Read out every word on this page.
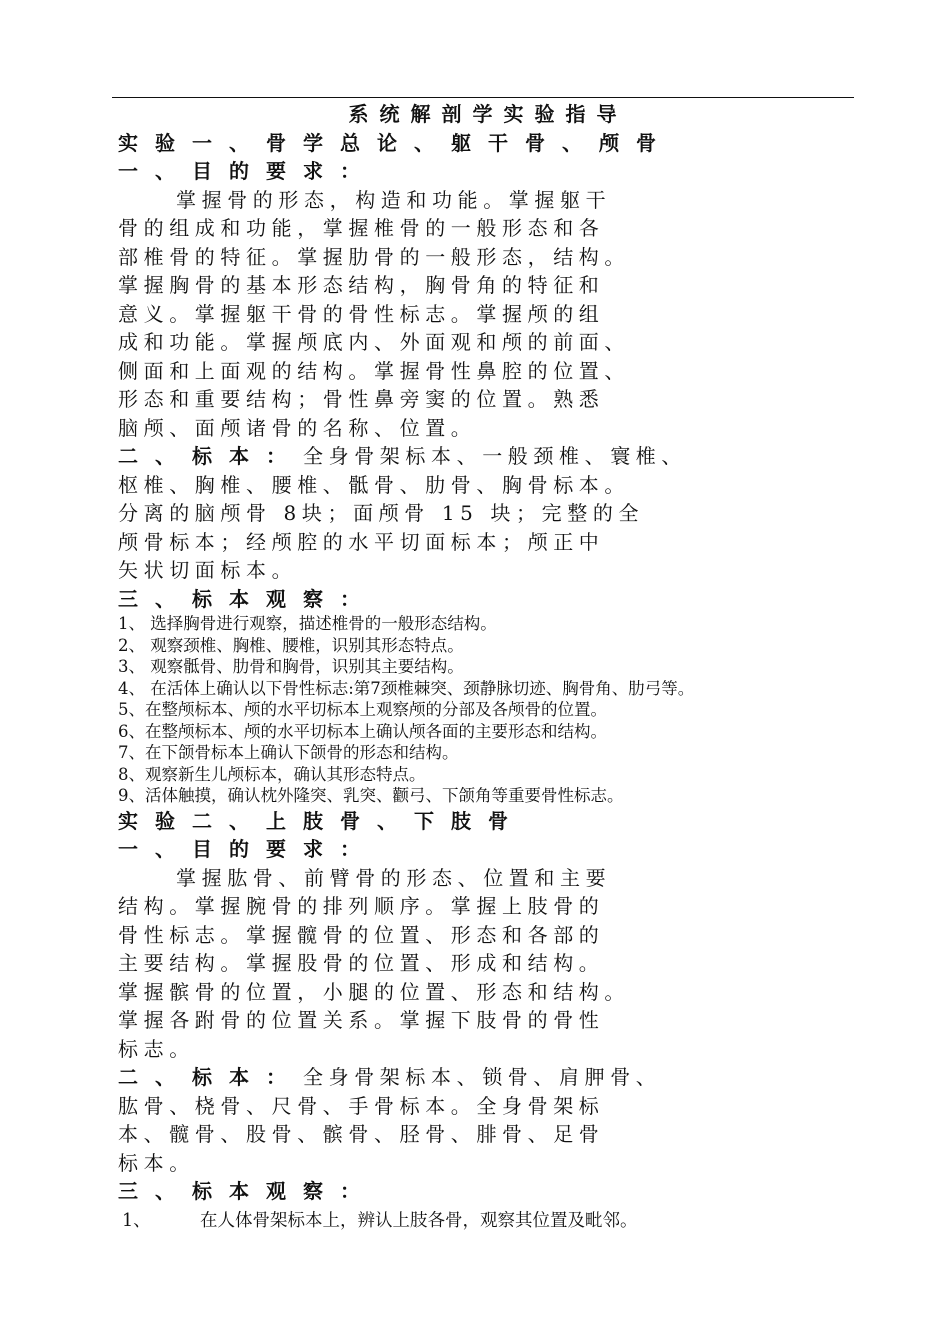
系统解剖学实验指导
实验一、骨学总论、躯干骨、颅骨
一、目的要求：
掌握骨的形态，构造和功能。掌握躯干
骨的组成和功能，掌握椎骨的一般形态和各
部椎骨的特征。掌握肋骨的一般形态，结构。
掌握胸骨的基本形态结构，胸骨角的特征和
意义。掌握躯干骨的骨性标志。掌握颅的组
成和功能。掌握颅底内、外面观和颅的前面、
侧面和上面观的结构。掌握骨性鼻腔的位置、
形态和重要结构；骨性鼻旁窦的位置。熟悉
脑颅、面颅诸骨的名称、位置。
二、标本：全身骨架标本、一般颈椎、寰椎、
枢椎、胸椎、腰椎、骶骨、肋骨、胸骨标本。
分离的脑颅骨 8块；面颅骨 15 块；完整的全
颅骨标本；经颅腔的水平切面标本；颅正中
矢状切面标本。
三、标本观察：
1、 选择胸骨进行观察，描述椎骨的一般形态结构。
2、 观察颈椎、胸椎、腰椎，识别其形态特点。
3、 观察骶骨、肋骨和胸骨，识别其主要结构。
4、 在活体上确认以下骨性标志:第7颈椎棘突、颈静脉切迹、胸骨角、肋弓等。
5、在整颅标本、颅的水平切标本上观察颅的分部及各颅骨的位置。
6、在整颅标本、颅的水平切标本上确认颅各面的主要形态和结构。
7、在下颌骨标本上确认下颌骨的形态和结构。
8、观察新生儿颅标本，确认其形态特点。
9、活体触摸，确认枕外隆突、乳突、颧弓、下颌角等重要骨性标志。
实验二、上肢骨、下肢骨
一、目的要求：
掌握肱骨、前臂骨的形态、位置和主要
结构。掌握腕骨的排列顺序。掌握上肢骨的
骨性标志。掌握髋骨的位置、形态和各部的
主要结构。掌握股骨的位置、形成和结构。
掌握髌骨的位置，小腿的位置、形态和结构。
掌握各跗骨的位置关系。掌握下肢骨的骨性
标志。
二、标本：全身骨架标本、锁骨、肩胛骨、
肱骨、桡骨、尺骨、手骨标本。全身骨架标
本、髋骨、股骨、髌骨、胫骨、腓骨、足骨
标本。
三、标本观察：
1、	在人体骨架标本上，辨认上肢各骨，观察其位置及毗邻。
